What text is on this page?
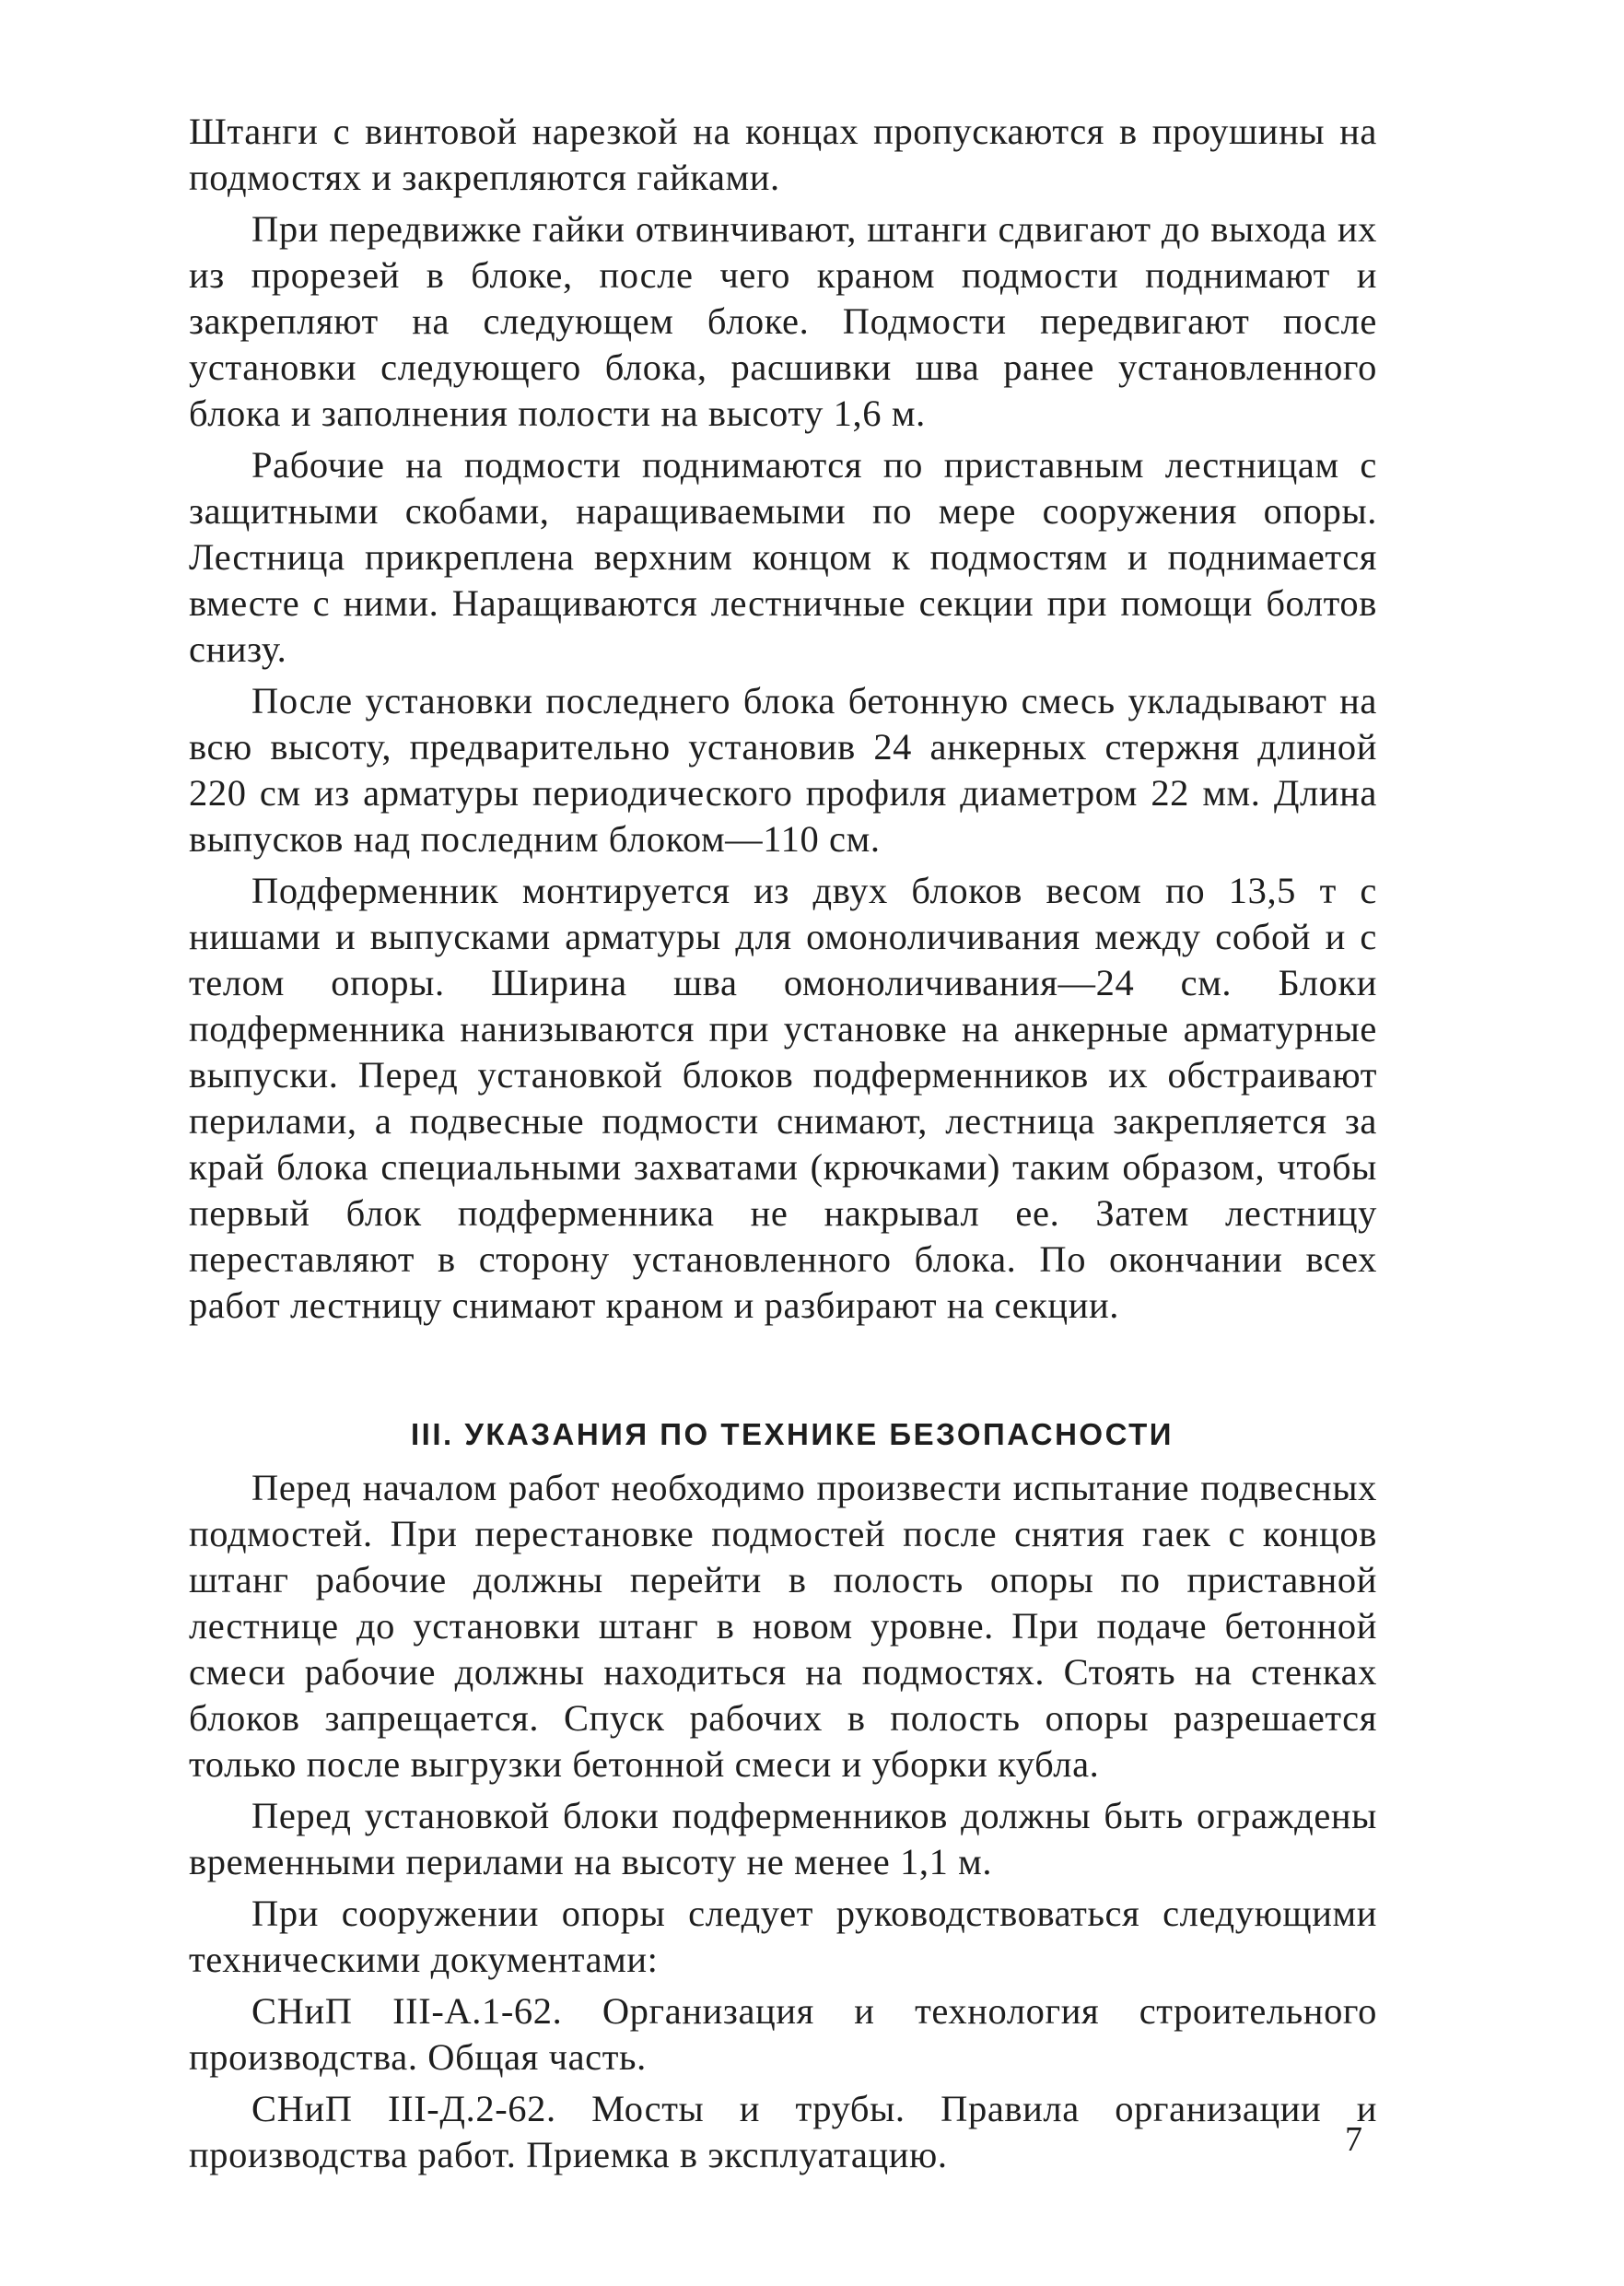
Штанги с винтовой нарезкой на концах пропускаются в проушины на подмостях и закрепляются гайками.

При передвижке гайки отвинчивают, штанги сдвигают до выхода их из прорезей в блоке, после чего краном подмости поднимают и закрепляют на следующем блоке. Подмости передвигают после установки следующего блока, расшивки шва ранее установленного блока и заполнения полости на высоту 1,6 м.

Рабочие на подмости поднимаются по приставным лестницам с защитными скобами, наращиваемыми по мере сооружения опоры. Лестница прикреплена верхним концом к подмостям и поднимается вместе с ними. Наращиваются лестничные секции при помощи болтов снизу.

После установки последнего блока бетонную смесь укладывают на всю высоту, предварительно установив 24 анкерных стержня длиной 220 см из арматуры периодического профиля диаметром 22 мм. Длина выпусков над последним блоком—110 см.

Подферменник монтируется из двух блоков весом по 13,5 т с нишами и выпусками арматуры для омоноличивания между собой и с телом опоры. Ширина шва омоноличивания—24 см. Блоки подферменника нанизываются при установке на анкерные арматурные выпуски. Перед установкой блоков подферменников их обстраивают перилами, а подвесные подмости снимают, лестница закрепляется за край блока специальными захватами (крючками) таким образом, чтобы первый блок подферменника не накрывал ее. Затем лестницу переставляют в сторону установленного блока. По окончании всех работ лестницу снимают краном и разбирают на секции.

III. УКАЗАНИЯ ПО ТЕХНИКЕ БЕЗОПАСНОСТИ

Перед началом работ необходимо произвести испытание подвесных подмостей. При перестановке подмостей после снятия гаек с концов штанг рабочие должны перейти в полость опоры по приставной лестнице до установки штанг в новом уровне. При подаче бетонной смеси рабочие должны находиться на подмостях. Стоять на стенках блоков запрещается. Спуск рабочих в полость опоры разрешается только после выгрузки бетонной смеси и уборки кубла.

Перед установкой блоки подферменников должны быть ограждены временными перилами на высоту не менее 1,1 м.

При сооружении опоры следует руководствоваться следующими техническими документами:

СНиП III-А.1-62. Организация и технология строительного производства. Общая часть.

СНиП III-Д.2-62. Мосты и трубы. Правила организации и производства работ. Приемка в эксплуатацию.	7
